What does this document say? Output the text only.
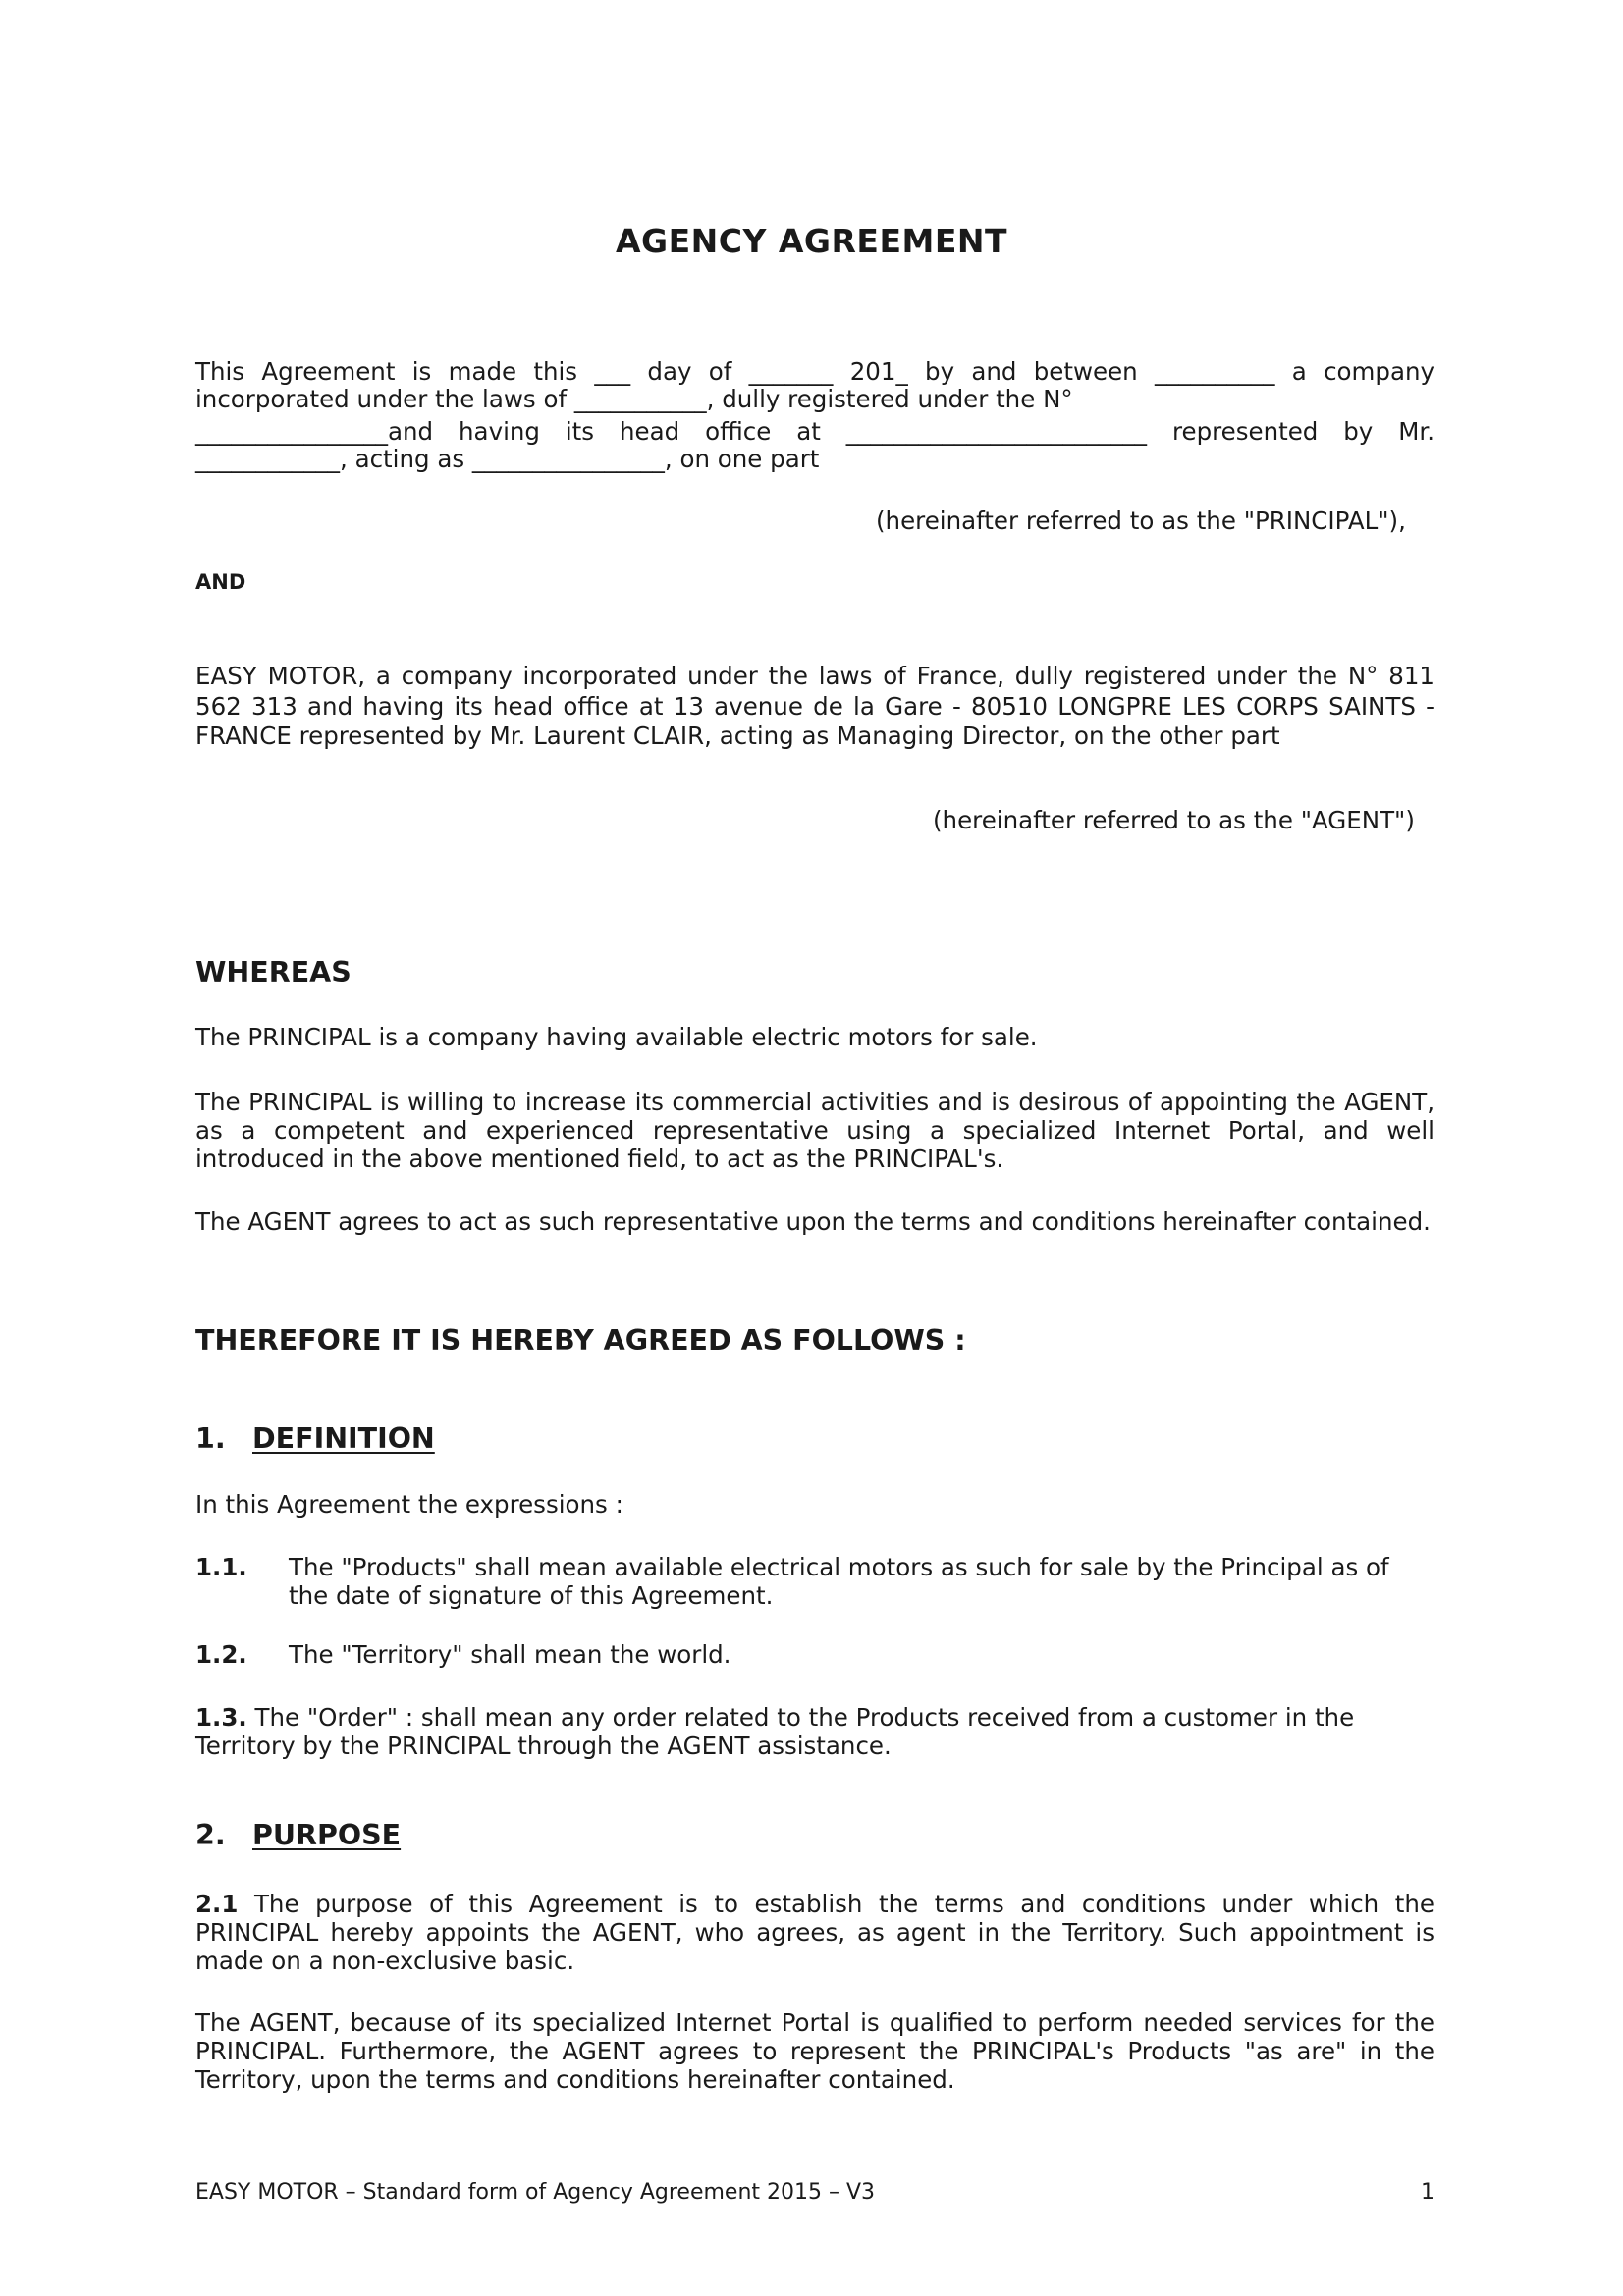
AGENCY AGREEMENT

This Agreement is made this ___ day of _______ 201_ by and between __________ a company

incorporated under the laws of ___________, dully registered under the N°

________________and having its head office at _________________________ represented by Mr.

____________, acting as ________________, on one part

(hereinafter referred to as the "PRINCIPAL"),

AND

EASY MOTOR, a company incorporated under the laws of France, dully registered under the N° 811 562 313 and having its head office at 13 avenue de la Gare - 80510 LONGPRE LES CORPS SAINTS - FRANCE represented by Mr. Laurent CLAIR, acting as Managing Director, on the other part

(hereinafter referred to as the "AGENT")

WHEREAS

The PRINCIPAL is a company having available electric motors for sale.

The PRINCIPAL is willing to increase its commercial activities and is desirous of appointing the AGENT, as a competent and experienced representative using a specialized Internet Portal, and well introduced in the above mentioned field, to act as the PRINCIPAL's.

The AGENT agrees to act as such representative upon the terms and conditions hereinafter contained.

THEREFORE IT IS HEREBY AGREED AS FOLLOWS :
1. DEFINITION

In this Agreement the expressions :

1.1. The "Products" shall mean available electrical motors as such for sale by the Principal as of the date of signature of this Agreement.
1.2. The "Territory" shall mean the world.

1.3. The "Order" : shall mean any order related to the Products received from a customer in the Territory by the PRINCIPAL through the AGENT assistance.

2. PURPOSE

2.1 The purpose of this Agreement is to establish the terms and conditions under which the PRINCIPAL hereby appoints the AGENT, who agrees, as agent in the Territory. Such appointment is made on a non-exclusive basic.

The AGENT, because of its specialized Internet Portal is qualified to perform needed services for the PRINCIPAL. Furthermore, the AGENT agrees to represent the PRINCIPAL's Products "as are" in the Territory, upon the terms and conditions hereinafter contained.

EASY MOTOR – Standard form of Agency Agreement 2015 – V3	1
